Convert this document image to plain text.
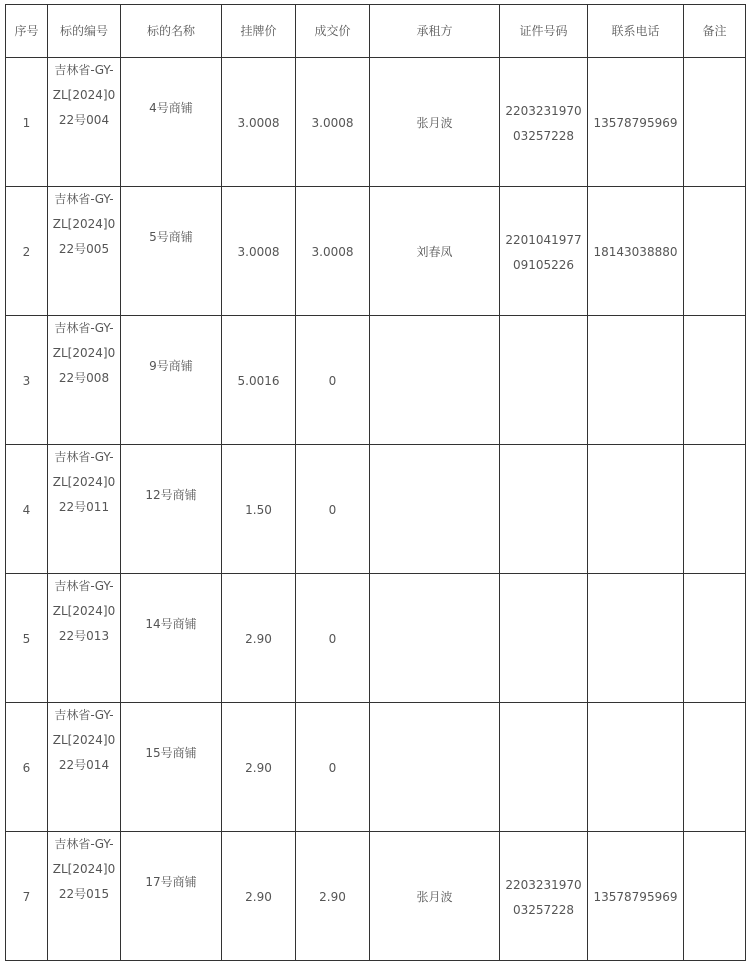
序号	标的编号	标的名称	挂牌价	成交价	承租方	证件号码	联系电话	备注
1	吉林省-GY-ZL[2024]022号004	4号商铺	3.0008	3.0008	张月波	220323197003257228	13578795969	
2	吉林省-GY-ZL[2024]022号005	5号商铺	3.0008	3.0008	刘春凤	220104197709105226	18143038880	
3	吉林省-GY-ZL[2024]022号008	9号商铺	5.0016	0				
4	吉林省-GY-ZL[2024]022号011	12号商铺	1.50	0				
5	吉林省-GY-ZL[2024]022号013	14号商铺	2.90	0				
6	吉林省-GY-ZL[2024]022号014	15号商铺	2.90	0				
7	吉林省-GY-ZL[2024]022号015	17号商铺	2.90	2.90	张月波	220323197003257228	13578795969	
